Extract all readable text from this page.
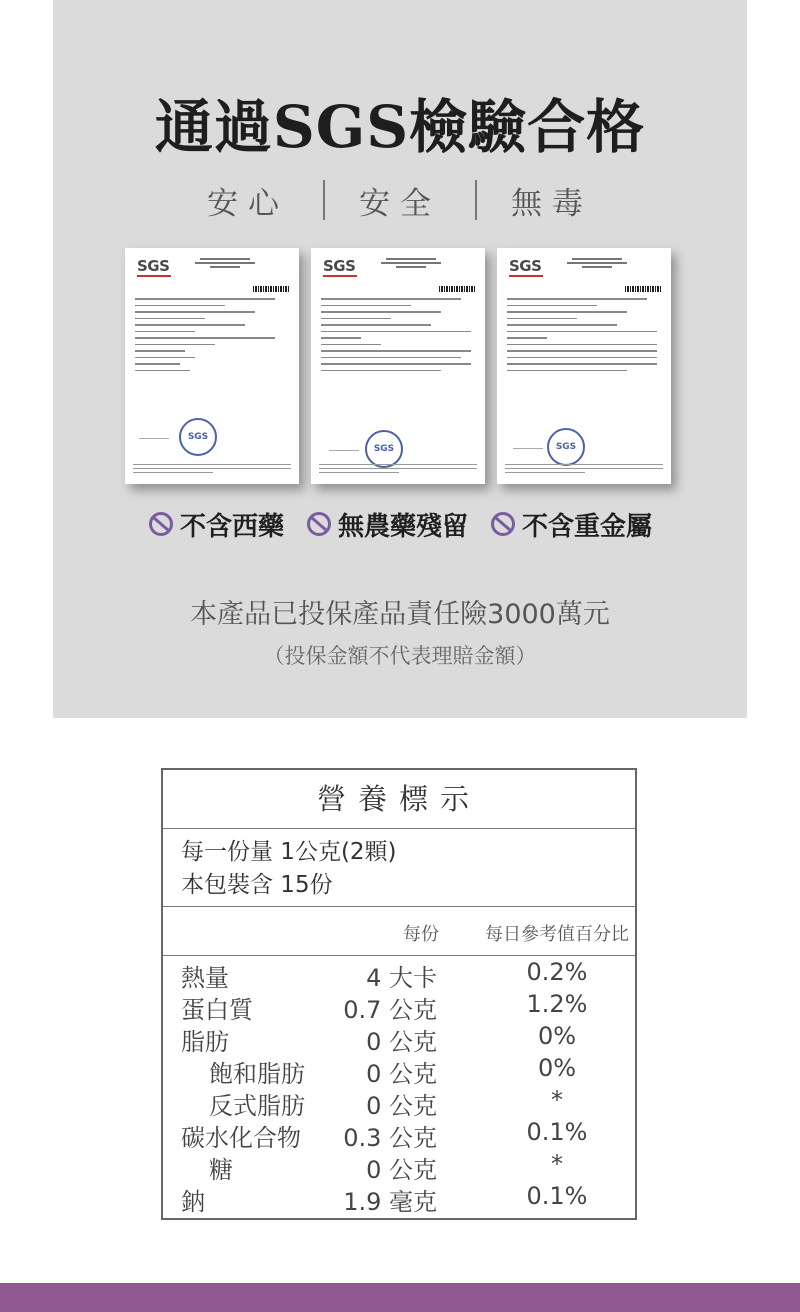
通過SGS檢驗合格
安心 安全 無毒
SGS
SGS
SGS
SGS
SGS
SGS
不含西藥 無農藥殘留 不含重金屬
本產品已投保產品責任險3000萬元
（投保金額不代表理賠金額）
營養標示
每一份量 1公克(2顆)
本包裝含 15份
每份	每日參考值百分比
熱量	4 大卡	0.2%
蛋白質	0.7 公克	1.2%
脂肪	0 公克	0%
飽和脂肪	0 公克	0%
反式脂肪	0 公克	*
碳水化合物 0.3 公克	0.1%
糖	0 公克	*
鈉	1.9 毫克	0.1%
